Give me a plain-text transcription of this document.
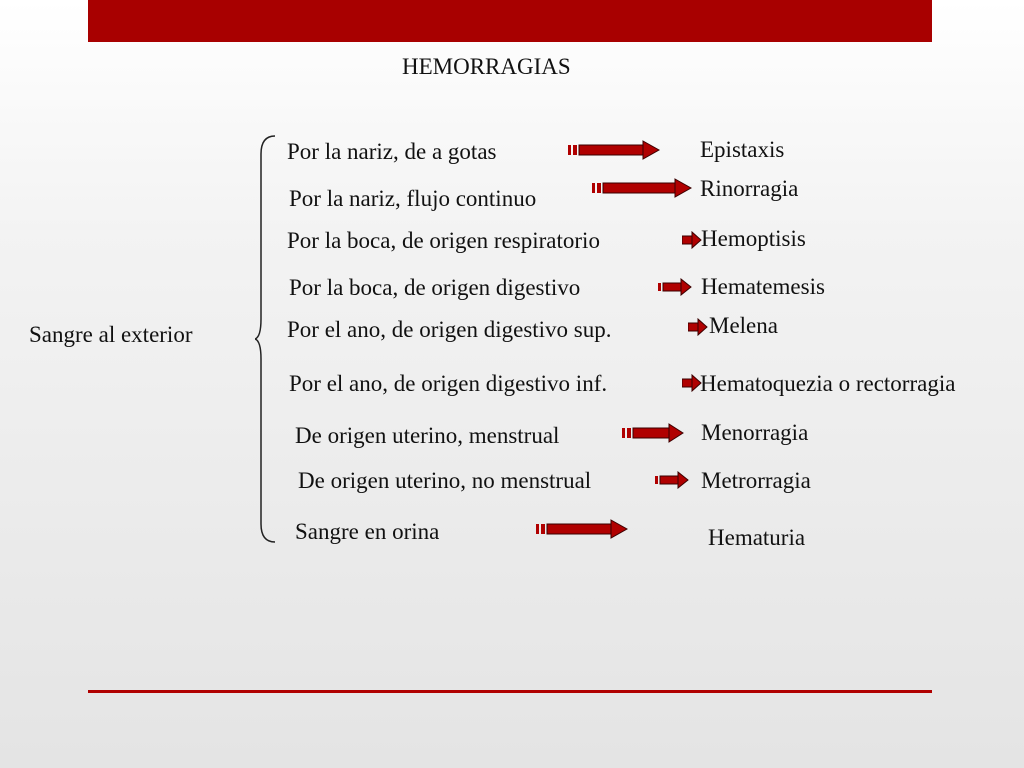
HEMORRAGIAS
Sangre al exterior
Por la nariz, de a gotas	Epistaxis
Por la nariz, flujo continuo	Rinorragia
Por la boca, de origen respiratorio	Hemoptisis
Por la boca, de origen digestivo	Hematemesis
Por el ano, de origen digestivo sup.	Melena
Por el ano, de origen digestivo inf.	Hematoquezia o rectorragia
De origen uterino, menstrual	Menorragia
De origen uterino, no menstrual	Metrorragia
Sangre en orina	Hematuria
